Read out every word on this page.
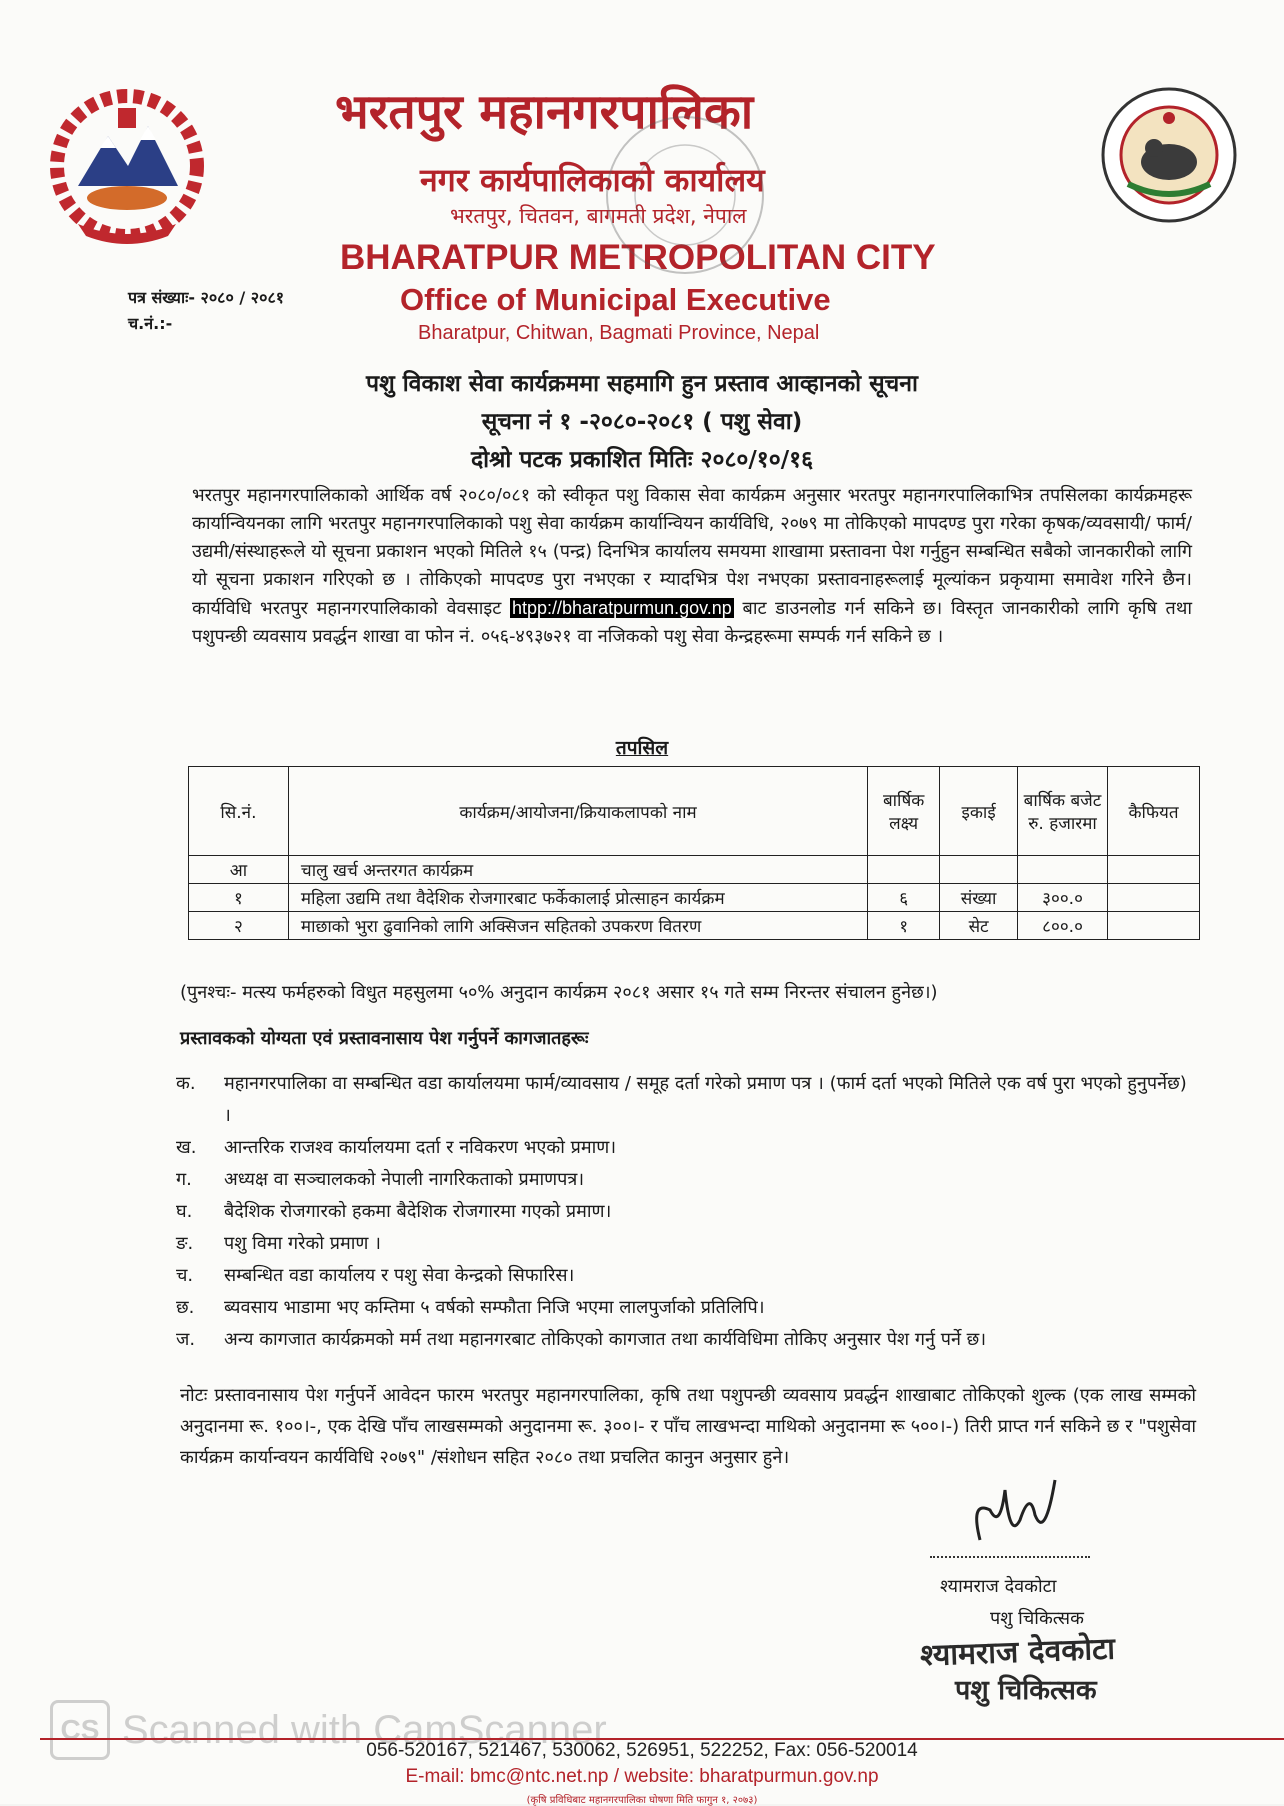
भरतपुर महानगरपालिका
नगर कार्यपालिकाको कार्यालय
भरतपुर, चितवन, बागमती प्रदेश, नेपाल
BHARATPUR METROPOLITAN CITY
Office of Municipal Executive
Bharatpur, Chitwan, Bagmati Province, Nepal
पत्र संख्याः- २०८० / २०८१
च.नं.:-
पशु विकाश सेवा कार्यक्रममा सहमागि हुन प्रस्ताव आव्हानको सूचना
सूचना नं १ -२०८०-२०८१ ( पशु सेवा)
दोश्रो पटक प्रकाशित मितिः २०८०/१०/१६
भरतपुर महानगरपालिकाको आर्थिक वर्ष २०८०/०८१ को स्वीकृत पशु विकास सेवा कार्यक्रम अनुसार भरतपुर महानगरपालिकाभित्र तपसिलका कार्यक्रमहरू कार्यान्वियनका लागि भरतपुर महानगरपालिकाको पशु सेवा कार्यक्रम कार्यान्वियन कार्यविधि, २०७९ मा तोकिएको मापदण्ड पुरा गरेका कृषक/व्यवसायी/ फार्म/उद्यमी/संस्थाहरूले यो सूचना प्रकाशन भएको मितिले १५ (पन्द्र) दिनभित्र कार्यालय समयमा शाखामा प्रस्तावना पेश गर्नुहुन सम्बन्धित सबैको जानकारीको लागि यो सूचना प्रकाशन गरिएको छ । तोकिएको मापदण्ड पुरा नभएका र म्यादभित्र पेश नभएका प्रस्तावनाहरूलाई मूल्यांकन प्रकृयामा समावेश गरिने छैन। कार्यविधि भरतपुर महानगरपालिकाको वेवसाइट htpp://bharatpurmun.gov.np बाट डाउनलोड गर्न सकिने छ। विस्तृत जानकारीको लागि कृषि तथा पशुपन्छी व्यवसाय प्रवर्द्धन शाखा वा फोन नं. ०५६-४९३७२१ वा नजिकको पशु सेवा केन्द्रहरूमा सम्पर्क गर्न सकिने छ ।
तपसिल
सि.नं.	कार्यक्रम/आयोजना/क्रियाकलापको नाम	बार्षिक लक्ष्य	इकाई	बार्षिक बजेट रु. हजारमा	कैफियत
आ	चालु खर्च अन्तरगत कार्यक्रम				
१	महिला उद्यमि तथा वैदेशिक रोजगारबाट फर्केकालाई प्रोत्साहन कार्यक्रम	६	संख्या	३००.०	
२	माछाको भुरा ढुवानिको लागि अक्सिजन सहितको उपकरण वितरण	१	सेट	८००.०	
(पुनश्चः- मत्स्य फर्महरुको विधुत महसुलमा ५०% अनुदान कार्यक्रम २०८१ असार १५ गते सम्म निरन्तर संचालन हुनेछ।)
प्रस्तावकको योग्यता एवं प्रस्तावनासाय पेश गर्नुपर्ने कागजातहरूः
क.	महानगरपालिका वा सम्बन्धित वडा कार्यालयमा फार्म/व्यावसाय / समूह दर्ता गरेको प्रमाण पत्र । (फार्म दर्ता भएको मितिले एक वर्ष पुरा भएको हुनुपर्नेछ) ।
ख.	आन्तरिक राजश्व कार्यालयमा दर्ता र नविकरण भएको प्रमाण।
ग.	अध्यक्ष वा सञ्चालकको नेपाली नागरिकताको प्रमाणपत्र।
घ.	बैदेशिक रोजगारको हकमा बैदेशिक रोजगारमा गएको प्रमाण।
ङ.	पशु विमा गरेको प्रमाण ।
च.	सम्बन्धित वडा कार्यालय र पशु सेवा केन्द्रको सिफारिस।
छ.	ब्यवसाय भाडामा भए कम्तिमा ५ वर्षको सम्फौता निजि भएमा लालपुर्जाको प्रतिलिपि।
ज.	अन्य कागजात कार्यक्रमको मर्म तथा महानगरबाट तोकिएको कागजात तथा कार्यविधिमा तोकिए अनुसार पेश गर्नु पर्ने छ।
नोटः प्रस्तावनासाय पेश गर्नुपर्ने आवेदन फारम भरतपुर महानगरपालिका, कृषि तथा पशुपन्छी व्यवसाय प्रवर्द्धन शाखाबाट तोकिएको शुल्क (एक लाख सम्मको अनुदानमा रू. १००।-, एक देखि पाँच लाखसम्मको अनुदानमा रू. ३००।- र पाँच लाखभन्दा माथिको अनुदानमा रू ५००।-) तिरी प्राप्त गर्न सकिने छ र "पशुसेवा कार्यक्रम कार्यान्वयन कार्यविधि २०७९" /संशोधन सहित २०८० तथा प्रचलित कानुन अनुसार हुने।
श्यामराज देवकोटा
पशु चिकित्सक
श्यामराज देवकोटा
पशु चिकित्सक
CS Scanned with CamScanner
056-520167, 521467, 530062, 526951, 522252, Fax: 056-520014
E-mail: bmc@ntc.net.np / website: bharatpurmun.gov.np
(कृषि प्रविधिबाट महानगरपालिका घोषणा मिति फागुन १, २०७३)
